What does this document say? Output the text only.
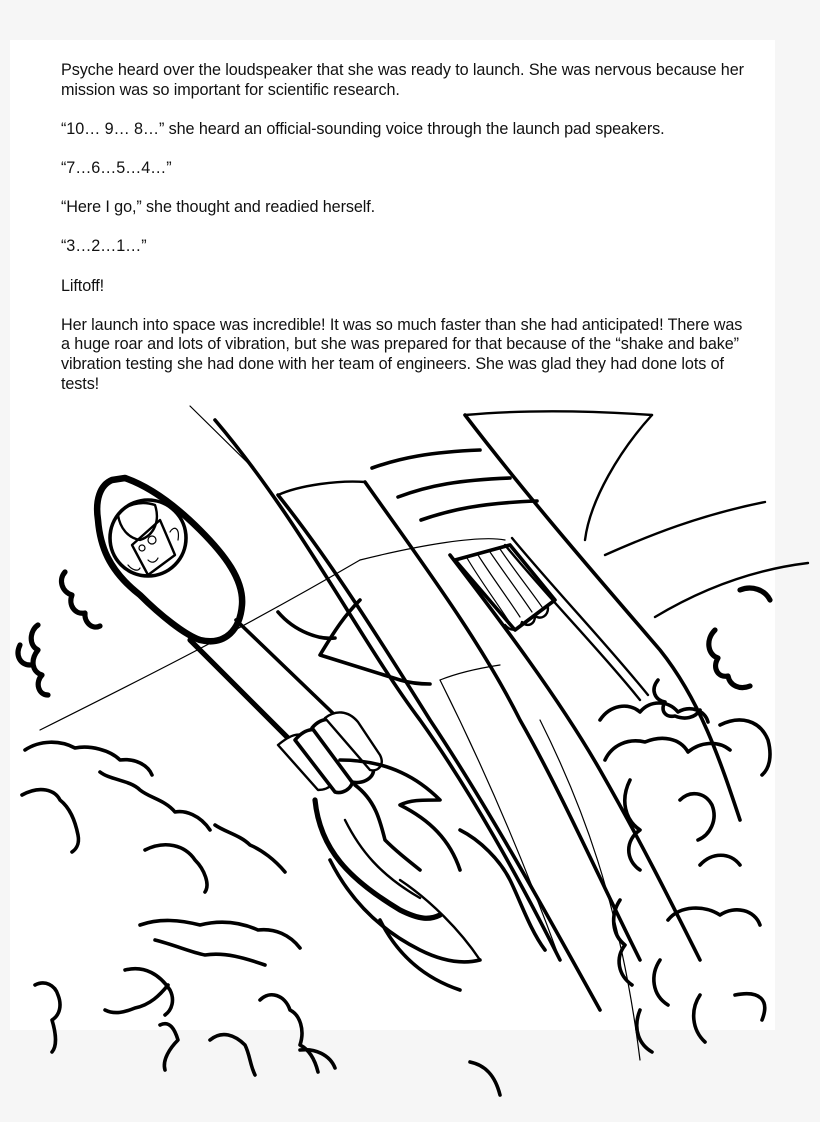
Psyche heard over the loudspeaker that she was ready to launch. She was nervous because her mission was so important for scientific research.

“10… 9… 8…” she heard an official-sounding voice through the launch pad speakers.

“7…6…5…4…”

“Here I go,” she thought and readied herself.

“3…2…1…”

Liftoff!

Her launch into space was incredible! It was so much faster than she had anticipated! There was a huge roar and lots of vibration, but she was prepared for that because of the “shake and bake” vibration testing she had done with her team of engineers. She was glad they had done lots of tests!
